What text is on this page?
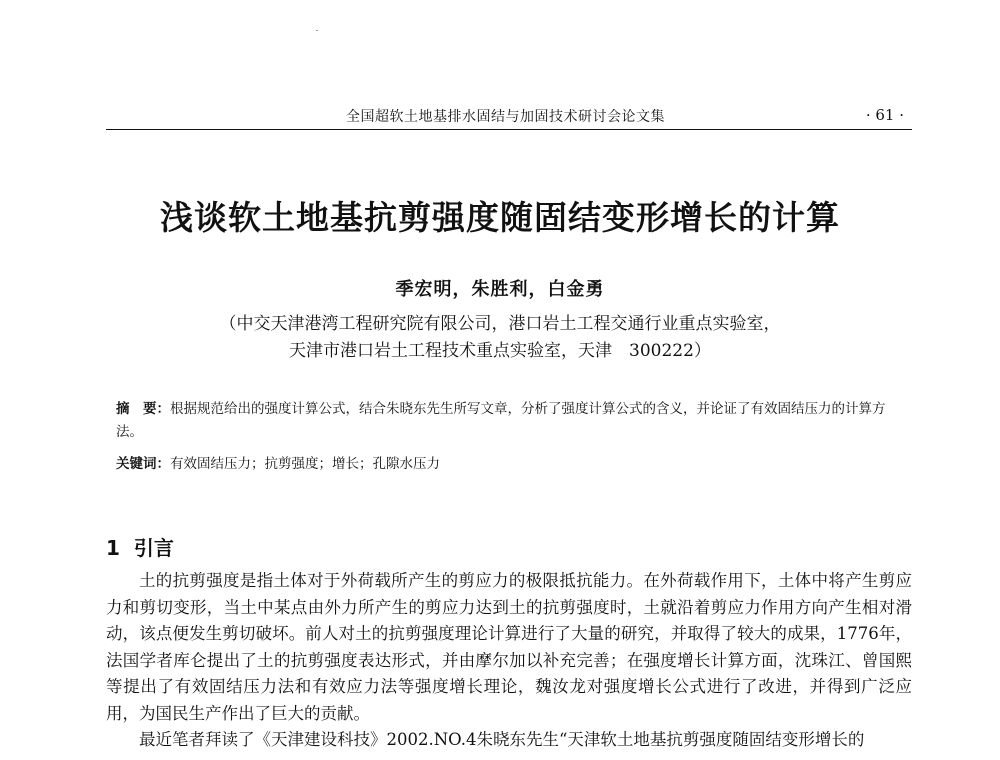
全国超软土地基排水固结与加固技术研讨会论文集	· 61 ·
浅谈软土地基抗剪强度随固结变形增长的计算
季宏明，朱胜利，白金勇
（中交天津港湾工程研究院有限公司，港口岩土工程交通行业重点实验室，
天津市港口岩土工程技术重点实验室，天津　300222）
摘　要：根据规范给出的强度计算公式，结合朱晓东先生所写文章，分析了强度计算公式的含义，并论证了有效固结压力的计算方法。
关键词：有效固结压力；抗剪强度；增长；孔隙水压力
1 引言

土的抗剪强度是指土体对于外荷载所产生的剪应力的极限抵抗能力。在外荷载作用下，土体中将产生剪应力和剪切变形，当土中某点由外力所产生的剪应力达到土的抗剪强度时，土就沿着剪应力作用方向产生相对滑动，该点便发生剪切破坏。前人对土的抗剪强度理论计算进行了大量的研究，并取得了较大的成果，1776年，法国学者库仑提出了土的抗剪强度表达形式，并由摩尔加以补充完善；在强度增长计算方面，沈珠江、曾国熙等提出了有效固结压力法和有效应力法等强度增长理论，魏汝龙对强度增长公式进行了改进，并得到广泛应用，为国民生产作出了巨大的贡献。

最近笔者拜读了《天津建设科技》2002.NO.4朱晓东先生“天津软土地基抗剪强度随固结变形增长的
